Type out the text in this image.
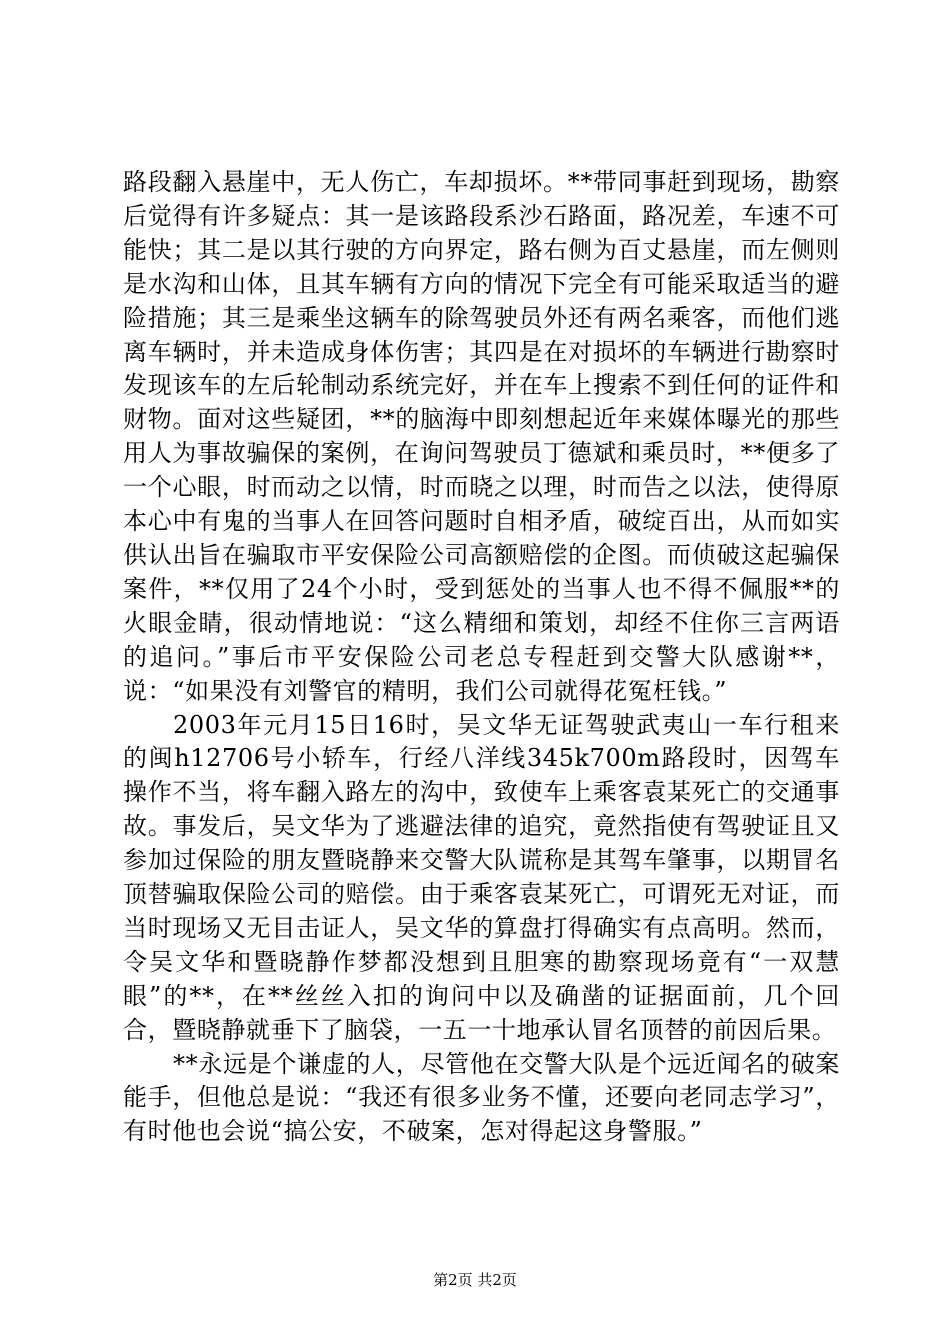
路段翻入悬崖中，无人伤亡，车却损坏。**带同事赶到现场，勘察后觉得有许多疑点：其一是该路段系沙石路面，路况差，车速不可能快；其二是以其行驶的方向界定，路右侧为百丈悬崖，而左侧则是水沟和山体，且其车辆有方向的情况下完全有可能采取适当的避险措施；其三是乘坐这辆车的除驾驶员外还有两名乘客，而他们逃离车辆时，并未造成身体伤害；其四是在对损坏的车辆进行勘察时发现该车的左后轮制动系统完好，并在车上搜索不到任何的证件和财物。面对这些疑团，**的脑海中即刻想起近年来媒体曝光的那些用人为事故骗保的案例，在询问驾驶员丁德斌和乘员时，**便多了一个心眼，时而动之以情，时而晓之以理，时而告之以法，使得原本心中有鬼的当事人在回答问题时自相矛盾，破绽百出，从而如实供认出旨在骗取市平安保险公司高额赔偿的企图。而侦破这起骗保案件，**仅用了24个小时，受到惩处的当事人也不得不佩服**的火眼金睛，很动情地说：“这么精细和策划，却经不住你三言两语的追问。”事后市平安保险公司老总专程赶到交警大队感谢**，说：“如果没有刘警官的精明，我们公司就得花冤枉钱。”

2003年元月15日16时，吴文华无证驾驶武夷山一车行租来的闽h12706号小轿车，行经八洋线345k700m路段时，因驾车操作不当，将车翻入路左的沟中，致使车上乘客袁某死亡的交通事故。事发后，吴文华为了逃避法律的追究，竟然指使有驾驶证且又参加过保险的朋友暨晓静来交警大队谎称是其驾车肇事，以期冒名顶替骗取保险公司的赔偿。由于乘客袁某死亡，可谓死无对证，而当时现场又无目击证人，吴文华的算盘打得确实有点高明。然而，令吴文华和暨晓静作梦都没想到且胆寒的勘察现场竟有“一双慧眼”的**，在**丝丝入扣的询问中以及确凿的证据面前，几个回合，暨晓静就垂下了脑袋，一五一十地承认冒名顶替的前因后果。

**永远是个谦虚的人，尽管他在交警大队是个远近闻名的破案能手，但他总是说：“我还有很多业务不懂，还要向老同志学习”，有时他也会说“搞公安，不破案，怎对得起这身警服。”

第2页 共2页
